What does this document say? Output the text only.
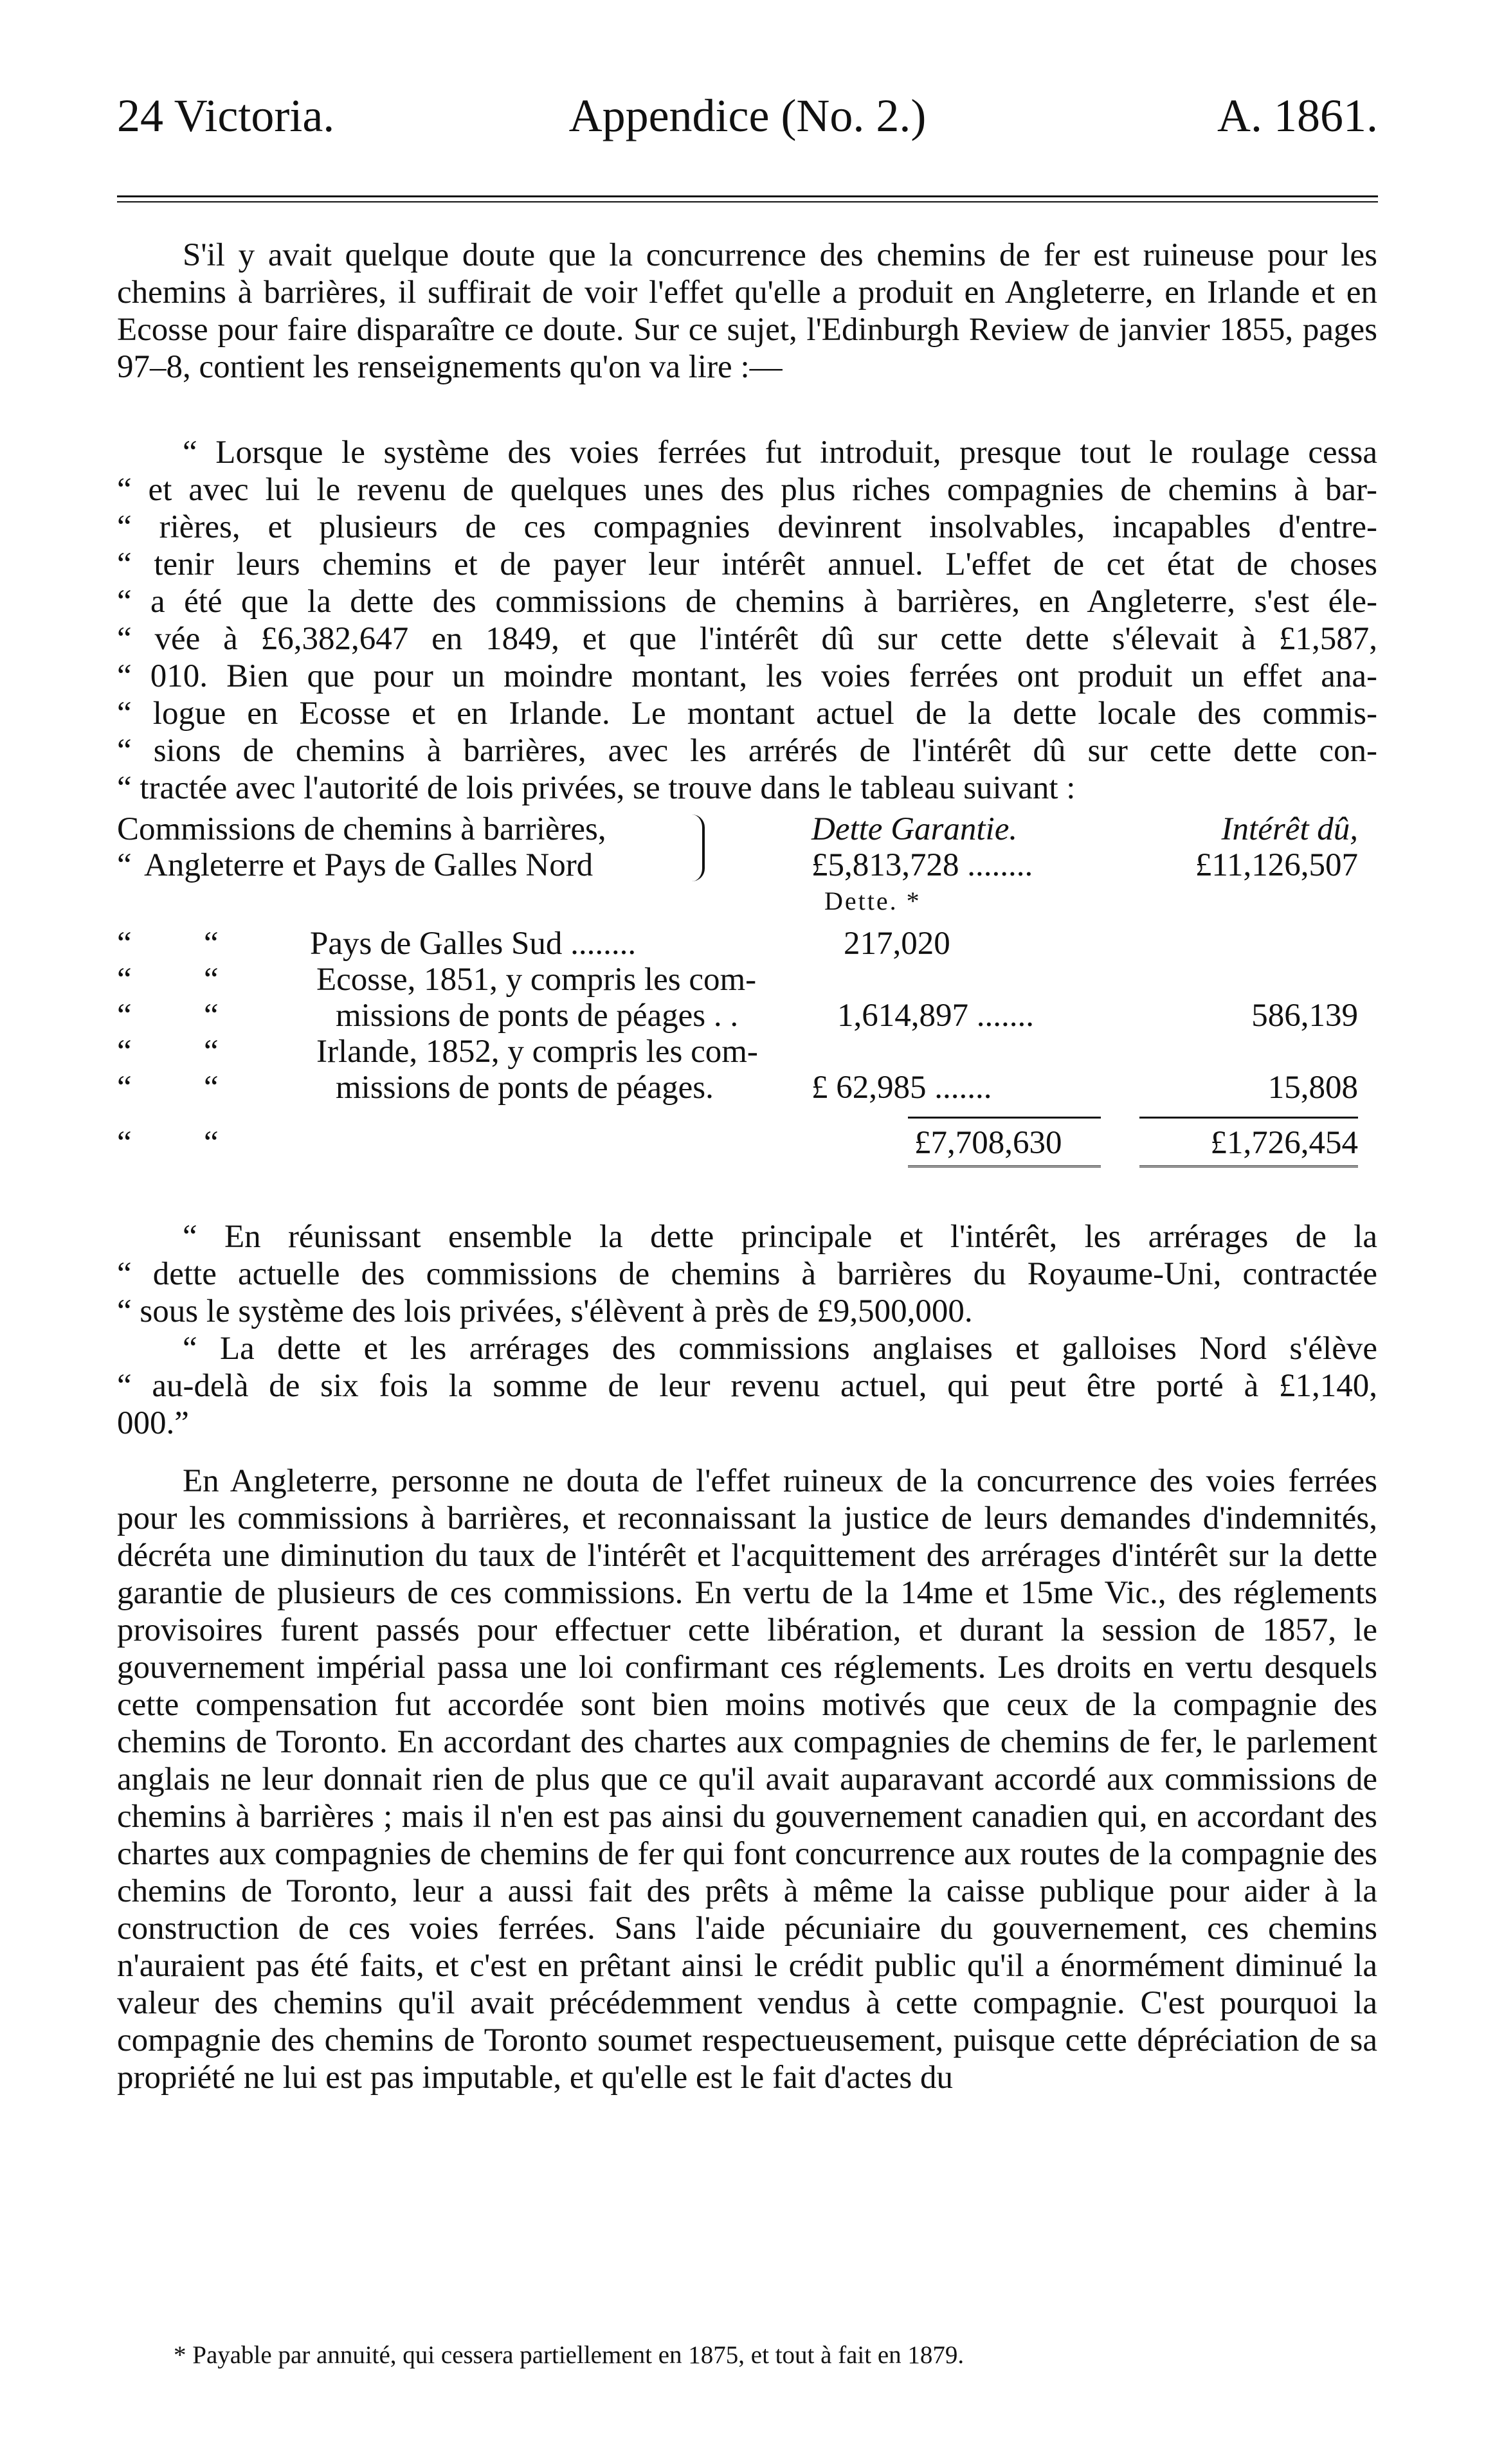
24 Victoria.	Appendice (No. 2.)	A. 1861.
S'il y avait quelque doute que la concurrence des chemins de fer est ruineuse pour les chemins à barrières, il suffirait de voir l'effet qu'elle a produit en Angleterre, en Irlande et en Ecosse pour faire disparaître ce doute. Sur ce sujet, l'Edinburgh Review de janvier 1855, pages 97–8, contient les renseignements qu'on va lire :—
“ Lorsque le système des voies ferrées fut introduit, presque tout le roulage cessa
“ et avec lui le revenu de quelques unes des plus riches compagnies de chemins à bar-
“ rières, et plusieurs de ces compagnies devinrent insolvables, incapables d'entre-
“ tenir leurs chemins et de payer leur intérêt annuel. L'effet de cet état de choses
“ a été que la dette des commissions de chemins à barrières, en Angleterre, s'est éle-
“ vée à £6,382,647 en 1849, et que l'intérêt dû sur cette dette s'élevait à £1,587,
“ 010. Bien que pour un moindre montant, les voies ferrées ont produit un effet ana-
“ logue en Ecosse et en Irlande. Le montant actuel de la dette locale des commis-
“ sions de chemins à barrières, avec les arrérés de l'intérêt dû sur cette dette con-
“ tractée avec l'autorité de lois privées, se trouve dans le tableau suivant :
Commissions de chemins à barrières,	Dette Garantie.	Intérêt dû,
“ Angleterre et Pays de Galles Nord	£5,813,728 ........	£11,126,507
Dette. *
“ “	Pays de Galles Sud ........	217,020
“ “	Ecosse, 1851, y compris les com-
“ “	missions de ponts de péages . .	1,614,897 .......	586,139
“ “	Irlande, 1852, y compris les com-
“ “	missions de ponts de péages.	£ 62,985 .......	15,808
“ “	£7,708,630	£1,726,454
“ En réunissant ensemble la dette principale et l'intérêt, les arrérages de la
“ dette actuelle des commissions de chemins à barrières du Royaume-Uni, contractée
“ sous le système des lois privées, s'élèvent à près de £9,500,000.
“ La dette et les arrérages des commissions anglaises et galloises Nord s'élève
“ au-delà de six fois la somme de leur revenu actuel, qui peut être porté à £1,140,
000.”
En Angleterre, personne ne douta de l'effet ruineux de la concurrence des voies ferrées pour les commissions à barrières, et reconnaissant la justice de leurs demandes d'indemnités, décréta une diminution du taux de l'intérêt et l'acquittement des arrérages d'intérêt sur la dette garantie de plusieurs de ces commissions. En vertu de la 14me et 15me Vic., des réglements provisoires furent passés pour effectuer cette libération, et durant la session de 1857, le gouvernement impérial passa une loi confirmant ces réglements. Les droits en vertu desquels cette compensation fut accordée sont bien moins motivés que ceux de la compagnie des chemins de Toronto. En accordant des chartes aux compagnies de chemins de fer, le parlement anglais ne leur donnait rien de plus que ce qu'il avait auparavant accordé aux commissions de chemins à barrières ; mais il n'en est pas ainsi du gouvernement canadien qui, en accordant des chartes aux compagnies de chemins de fer qui font concurrence aux routes de la compagnie des chemins de Toronto, leur a aussi fait des prêts à même la caisse publique pour aider à la construction de ces voies ferrées. Sans l'aide pécuniaire du gouvernement, ces chemins n'auraient pas été faits, et c'est en prêtant ainsi le crédit public qu'il a énormément diminué la valeur des chemins qu'il avait précédemment vendus à cette compagnie. C'est pourquoi la compagnie des chemins de Toronto soumet respectueusement, puisque cette dépréciation de sa propriété ne lui est pas imputable, et qu'elle est le fait d'actes du
* Payable par annuité, qui cessera partiellement en 1875, et tout à fait en 1879.
